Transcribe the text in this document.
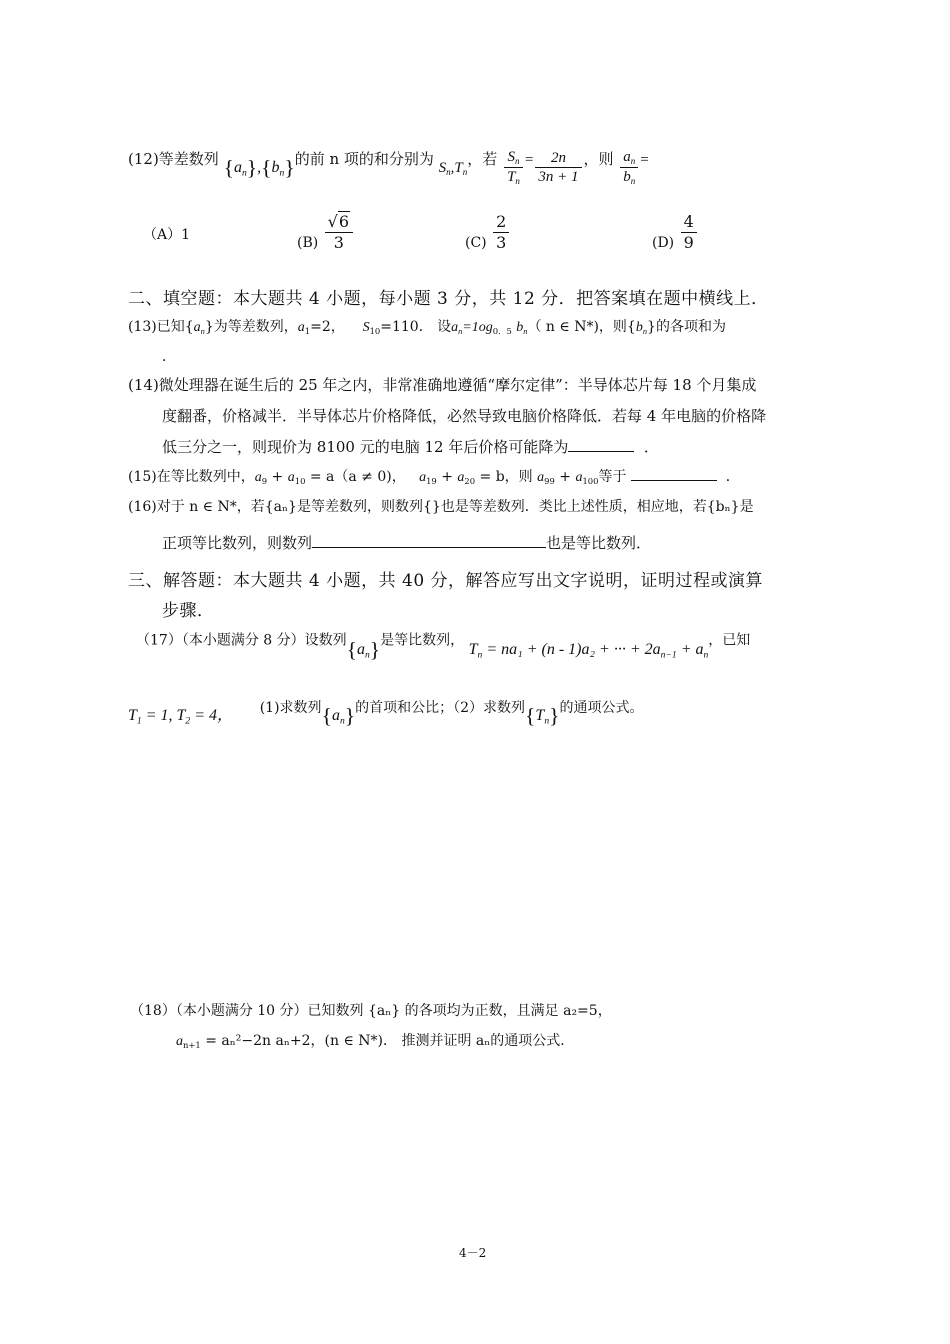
(12)等差数列 $\{a_n\},\{b_n\}$的前 n 项的和分别为 $S_n,T_n$，若 $\frac{S_n}{T_n} = \frac{2n}{3n + 1}$ ，则 $\frac{a_n}{b_n}$ =
（A）1	$(B) \frac{√6}{3}$	$(C) \frac{2}{3}$	$(D) \frac{4}{9}$
二、填空题：本大题共 4 小题，每小题 3 分，共 12 分．把答案填在题中横线上．
(13)已知$\{a_n\}$为等差数列，$a_1=2$， $S_{10}=110$． 设$a_n=1og_{0.5}$ $b_n$（ n ∈ N*)，则$\{b_n\}$的各项和为
．
(14)微处理器在诞生后的 25 年之内，非常准确地遵循“摩尔定律”：半导体芯片每 18 个月集成
度翻番，价格减半．半导体芯片价格降低，必然导致电脑价格降低．若每 4 年电脑的价格降
低三分之一，则现价为 8100 元的电脑 12 年后价格可能降为	．
(15)在等比数列中，$a_9 + a_{10} = a(a \ne 0)$， $a_{19} + a_{20} = b$，则 $a_{99} + a_{100}$等于	．
(16)对于 n ∈ N*，若{aₙ}是等差数列，则数列{}也是等差数列．类比上述性质，相应地，若{bₙ}是
正项等比数列，则数列	也是等比数列．
三、解答题：本大题共 4 小题，共 40 分，解答应写出文字说明，证明过程或演算
步骤．
（17）（本小题满分 8 分）设数列$\{a_n\}$是等比数列， $T_n = na_1 + (n - 1)a_2$ + ··· + $2a_{n-1} + a_n$，已知
$T_1 = 1$, $T_2 = 4$， (1)求数列$\{a_n\}$的首项和公比；（2）求数列$\{T_n\}$的通项公式。
（18）（本小题满分 10 分）已知数列 {aₙ} 的各项均为正数，且满足 a₂=5，
$a_{n+1} = a_n^2-2n$ aₙ+2，(n ∈ N*)． 推测并证明 aₙ的通项公式．
4－2
